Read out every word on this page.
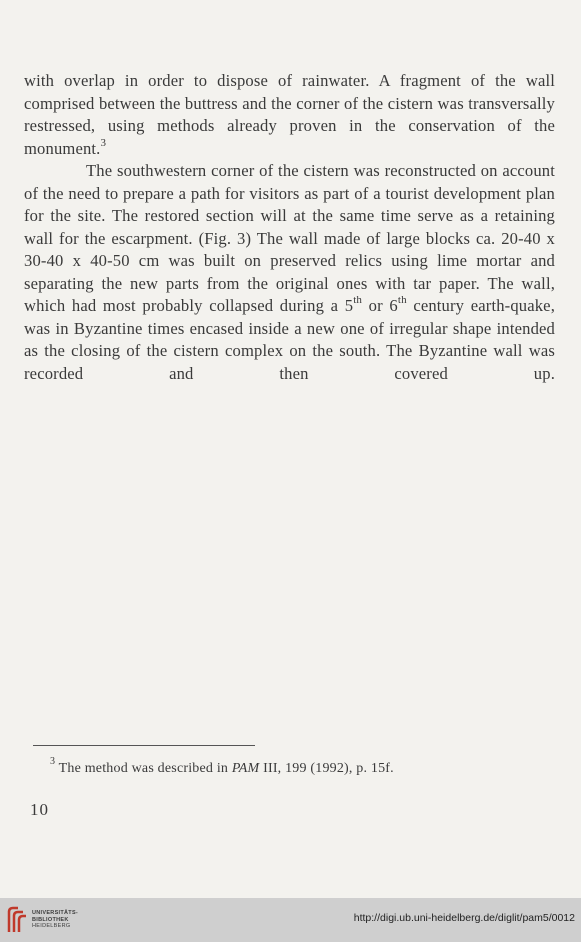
with overlap in order to dispose of rainwater. A fragment of the wall comprised between the buttress and the corner of the cistern was transversally restressed, using methods already proven in the conservation of the monument.$^3$

The southwestern corner of the cistern was reconstructed on account of the need to prepare a path for visitors as part of a tourist development plan for the site. The restored section will at the same time serve as a retaining wall for the escarpment. (Fig. 3) The wall made of large blocks ca. 20-40 x 30-40 x 40-50 cm was built on preserved relics using lime mortar and separating the new parts from the original ones with tar paper. The wall, which had most probably collapsed during a 5th or 6th century earth-quake, was in Byzantine times encased inside a new one of irregular shape intended as the closing of the cistern complex on the south. The Byzantine wall was recorded and then covered up.

$^3$ The method was described in PAM III, 199 (1992), p. 15f.
10
UNIVERSITÄTS-
BIBLIOTHEK
HEIDELBERG
http://digi.ub.uni-heidelberg.de/diglit/pam5/0012
